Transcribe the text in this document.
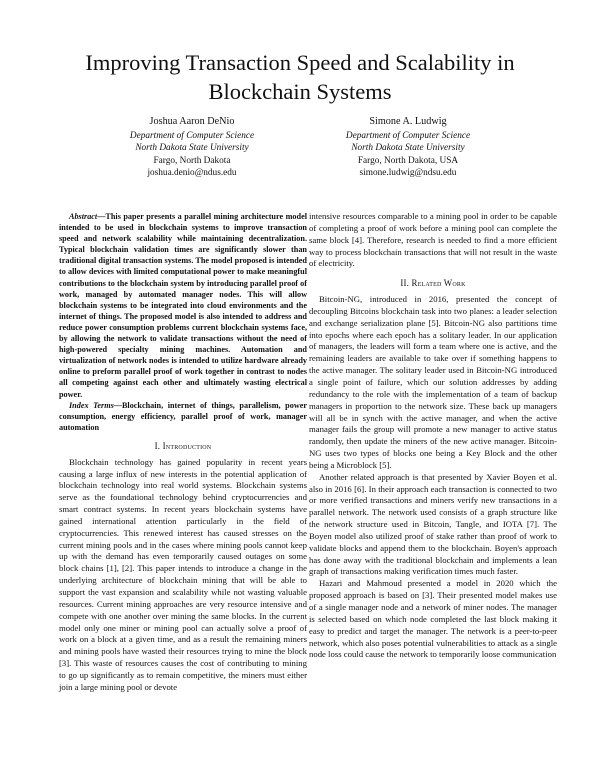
Improving Transaction Speed and Scalability in Blockchain Systems
Joshua Aaron DeNio
Department of Computer Science
North Dakota State University
Fargo, North Dakota
joshua.denio@ndus.edu
Simone A. Ludwig
Department of Computer Science
North Dakota State University
Fargo, North Dakota, USA
simone.ludwig@ndsu.edu

Abstract—This paper presents a parallel mining architecture model intended to be used in blockchain systems to improve transaction speed and network scalability while maintaining decentralization. Typical blockchain validation times are significantly slower than traditional digital transaction systems. The model proposed is intended to allow devices with limited computational power to make meaningful contributions to the blockchain system by introducing parallel proof of work, managed by automated manager nodes. This will allow blockchain systems to be integrated into cloud environments and the internet of things. The proposed model is also intended to address and reduce power consumption problems current blockchain systems face, by allowing the network to validate transactions without the need of high-powered specialty mining machines. Automation and virtualization of network nodes is intended to utilize hardware already online to preform parallel proof of work together in contrast to nodes all competing against each other and ultimately wasting electrical power.

Index Terms—Blockchain, internet of things, parallelism, power consumption, energy efficiency, parallel proof of work, manager automation

I. Introduction

Blockchain technology has gained popularity in recent years causing a large influx of new interests in the potential application of blockchain technology into real world systems. Blockchain systems serve as the foundational technology behind cryptocurrencies and smart contract systems. In recent years blockchain systems have gained international attention particularly in the field of cryptocurrencies. This renewed interest has caused stresses on the current mining pools and in the cases where mining pools cannot keep up with the demand has even temporarily caused outages on some block chains [1], [2]. This paper intends to introduce a change in the underlying architecture of blockchain mining that will be able to support the vast expansion and scalability while not wasting valuable resources. Current mining approaches are very resource intensive and compete with one another over mining the same blocks. In the current model only one miner or mining pool can actually solve a proof of work on a block at a given time, and as a result the remaining miners and mining pools have wasted their resources trying to mine the block [3]. This waste of resources causes the cost of contributing to mining to go up significantly as to remain competitive, the miners must either join a large mining pool or devote

intensive resources comparable to a mining pool in order to be capable of completing a proof of work before a mining pool can complete the same block [4]. Therefore, research is needed to find a more efficient way to process blockchain transactions that will not result in the waste of electricity.

II. Related Work

Bitcoin-NG, introduced in 2016, presented the concept of decoupling Bitcoins blockchain task into two planes: a leader selection and exchange serialization plane [5]. Bitcoin-NG also partitions time into epochs where each epoch has a solitary leader. In our application of managers, the leaders will form a team where one is active, and the remaining leaders are available to take over if something happens to the active manager. The solitary leader used in Bitcoin-NG introduced a single point of failure, which our solution addresses by adding redundancy to the role with the implementation of a team of backup managers in proportion to the network size. These back up managers will all be in synch with the active manager, and when the active manager fails the group will promote a new manager to active status randomly, then update the miners of the new active manager. Bitcoin-NG uses two types of blocks one being a Key Block and the other being a Microblock [5].

Another related approach is that presented by Xavier Boyen et al. also in 2016 [6]. In their approach each transaction is connected to two or more verified transactions and miners verify new transactions in a parallel network. The network used consists of a graph structure like the network structure used in Bitcoin, Tangle, and IOTA [7]. The Boyen model also utilized proof of stake rather than proof of work to validate blocks and append them to the blockchain. Boyen's approach has done away with the traditional blockchain and implements a lean graph of transactions making verification times much faster.

Hazari and Mahmoud presented a model in 2020 which the proposed approach is based on [3]. Their presented model makes use of a single manager node and a network of miner nodes. The manager is selected based on which node completed the last block making it easy to predict and target the manager. The network is a peer-to-peer network, which also poses potential vulnerabilities to attack as a single node loss could cause the network to temporarily loose communication
